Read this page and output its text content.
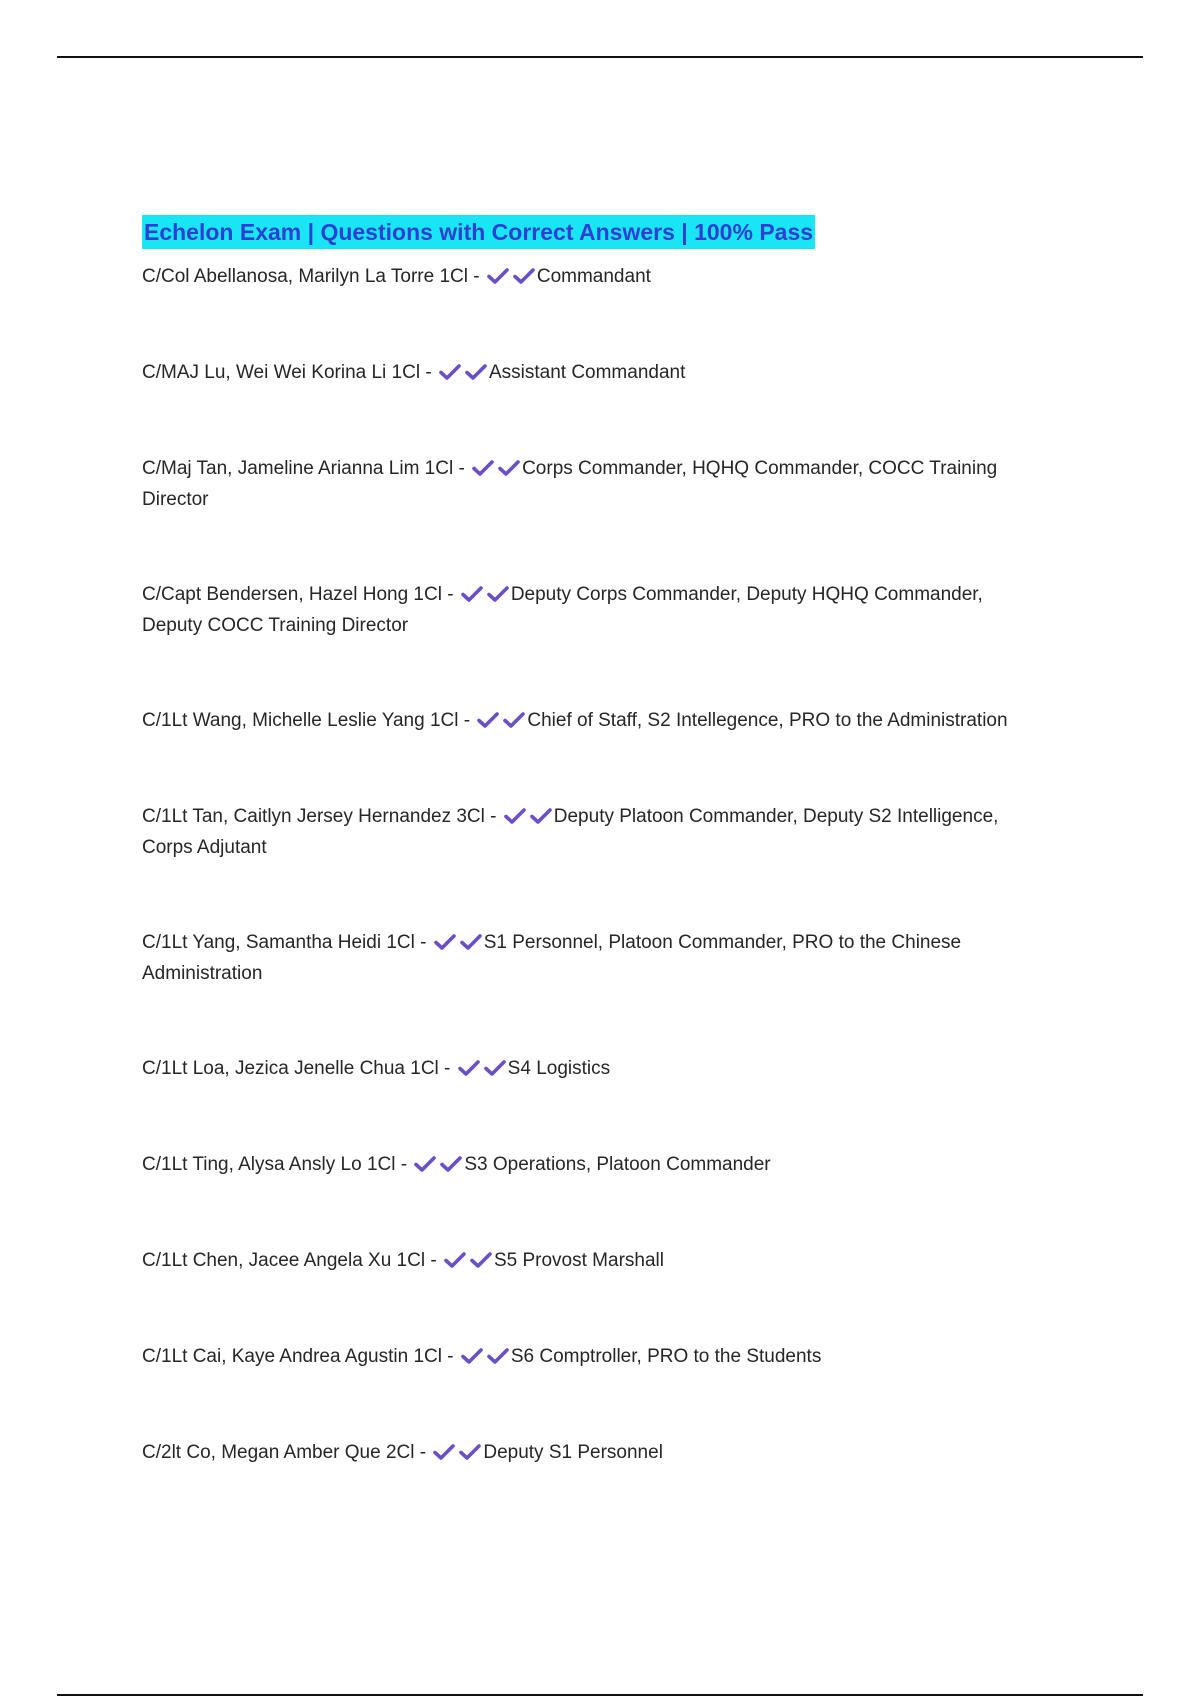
Echelon Exam | Questions with Correct Answers | 100% Pass
C/Col Abellanosa, Marilyn La Torre 1Cl -	Commandant
C/MAJ Lu, Wei Wei Korina Li 1Cl -	Assistant Commandant
C/Maj Tan, Jameline Arianna Lim 1Cl -	Corps Commander, HQHQ Commander, COCC Training Director
C/Capt Bendersen, Hazel Hong 1Cl -	Deputy Corps Commander, Deputy HQHQ Commander, Deputy COCC Training Director
C/1Lt Wang, Michelle Leslie Yang 1Cl -	Chief of Staff, S2 Intellegence, PRO to the Administration
C/1Lt Tan, Caitlyn Jersey Hernandez 3Cl -	Deputy Platoon Commander, Deputy S2 Intelligence, Corps Adjutant
C/1Lt Yang, Samantha Heidi 1Cl -	S1 Personnel, Platoon Commander, PRO to the Chinese Administration
C/1Lt Loa, Jezica Jenelle Chua 1Cl -	S4 Logistics
C/1Lt Ting, Alysa Ansly Lo 1Cl -	S3 Operations, Platoon Commander
C/1Lt Chen, Jacee Angela Xu 1Cl -	S5 Provost Marshall
C/1Lt Cai, Kaye Andrea Agustin 1Cl -	S6 Comptroller, PRO to the Students
C/2lt Co, Megan Amber Que 2Cl -	Deputy S1 Personnel
